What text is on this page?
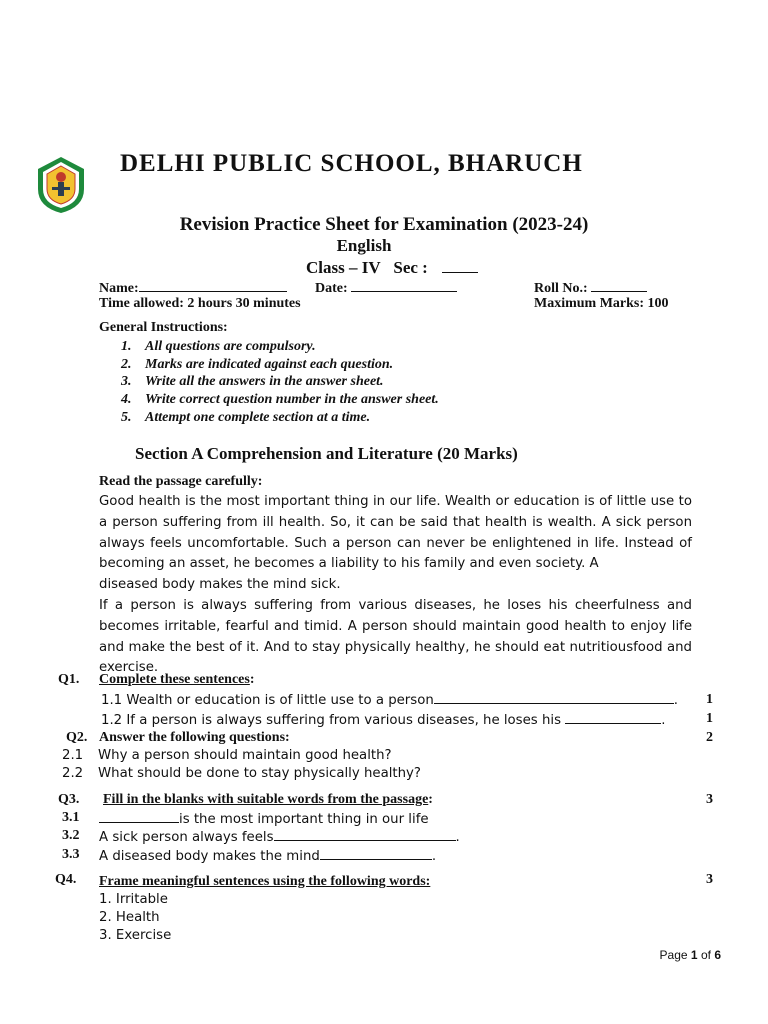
DELHI PUBLIC SCHOOL, BHARUCH
Revision Practice Sheet for Examination (2023-24)
English
Class – IV Sec :
Name:	Date:	Roll No.:
Time allowed: 2 hours 30 minutes	Maximum Marks: 100
General Instructions:
1. All questions are compulsory.
2. Marks are indicated against each question.
3. Write all the answers in the answer sheet.
4. Write correct question number in the answer sheet.
5. Attempt one complete section at a time.
Section A Comprehension and Literature (20 Marks)
Read the passage carefully:

Good health is the most important thing in our life. Wealth or education is of little use to a person suffering from ill health. So, it can be said that health is wealth. A sick person always feels uncomfortable. Such a person can never be enlightened in life. Instead of becoming an asset, he becomes a liability to his family and even society. A

diseased body makes the mind sick.

If a person is always suffering from various diseases, he loses his cheerfulness and becomes irritable, fearful and timid. A person should maintain good health to enjoy life and make the best of it. And to stay physically healthy, he should eat nutritiousfood and exercise.

Q1. Complete these sentences:
1.1 Wealth or education is of little use to a person	. 1
1.2 If a person is always suffering from various diseases, he loses his	.	1
Q2. Answer the following questions:	2
2.1 Why a person should maintain good health?
2.2 What should be done to stay physically healthy?
Q3. Fill in the blanks with suitable words from the passage:	3
3.1	is the most important thing in our life
3.2 A sick person always feels	.
3.3 A diseased body makes the mind	.
Q4. Frame meaningful sentences using the following words:	3
1. Irritable
2. Health
3. Exercise
Page 1 of 6
